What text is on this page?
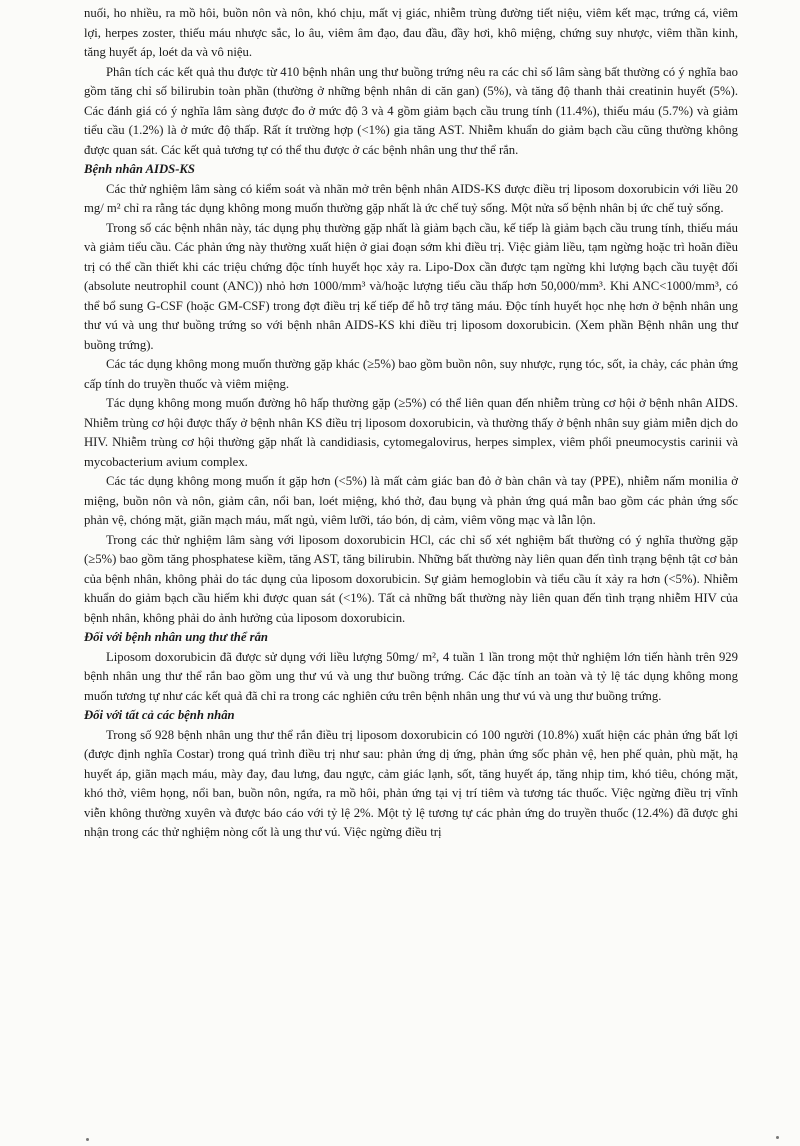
nuối, ho nhiều, ra mồ hôi, buồn nôn và nôn, khó chịu, mất vị giác, nhiễm trùng đường tiết niệu, viêm kết mạc, trứng cá, viêm lợi, herpes zoster, thiếu máu nhược sắc, lo âu, viêm âm đạo, đau đầu, đầy hơi, khô miệng, chứng suy nhược, viêm thần kinh, tăng huyết áp, loét da và vô niệu.

Phân tích các kết quả thu được từ 410 bệnh nhân ung thư buồng trứng nêu ra các chỉ số lâm sàng bất thường có ý nghĩa bao gồm tăng chỉ số bilirubin toàn phần (thường ở những bệnh nhân di căn gan) (5%), và tăng độ thanh thải creatinin huyết (5%). Các đánh giá có ý nghĩa lâm sàng được đo ở mức độ 3 và 4 gồm giảm bạch cầu trung tính (11.4%), thiếu máu (5.7%) và giảm tiểu cầu (1.2%) là ở mức độ thấp. Rất ít trường hợp (<1%) gia tăng AST. Nhiễm khuẩn do giảm bạch cầu cũng thường không được quan sát. Các kết quả tương tự có thể thu được ở các bệnh nhân ung thư thể rắn.

Bệnh nhân AIDS-KS

Các thử nghiệm lâm sàng có kiểm soát và nhãn mở trên bệnh nhân AIDS-KS được điều trị liposom doxorubicin với liều 20 mg/ m² chỉ ra rằng tác dụng không mong muốn thường gặp nhất là ức chế tuỷ sống. Một nửa số bệnh nhân bị ức chế tuỷ sống.

Trong số các bệnh nhân này, tác dụng phụ thường gặp nhất là giảm bạch cầu, kế tiếp là giảm bạch cầu trung tính, thiếu máu và giảm tiểu cầu. Các phản ứng này thường xuất hiện ở giai đoạn sớm khi điều trị. Việc giảm liều, tạm ngừng hoặc trì hoãn điều trị có thể cần thiết khi các triệu chứng độc tính huyết học xảy ra. Lipo-Dox cần được tạm ngừng khi lượng bạch cầu tuyệt đối (absolute neutrophil count (ANC)) nhỏ hơn 1000/mm³ và/hoặc lượng tiểu cầu thấp hơn 50,000/mm³. Khi ANC<1000/mm³, có thể bổ sung G-CSF (hoặc GM-CSF) trong đợt điều trị kế tiếp để hỗ trợ tăng máu. Độc tính huyết học nhẹ hơn ở bệnh nhân ung thư vú và ung thư buồng trứng so với bệnh nhân AIDS-KS khi điều trị liposom doxorubicin. (Xem phần Bệnh nhân ung thư buồng trứng).

Các tác dụng không mong muốn thường gặp khác (≥5%) bao gồm buồn nôn, suy nhược, rụng tóc, sốt, ỉa chảy, các phản ứng cấp tính do truyền thuốc và viêm miệng.

Tác dụng không mong muốn đường hô hấp thường gặp (≥5%) có thể liên quan đến nhiễm trùng cơ hội ở bệnh nhân AIDS. Nhiễm trùng cơ hội được thấy ở bệnh nhân KS điều trị liposom doxorubicin, và thường thấy ở bệnh nhân suy giảm miễn dịch do HIV. Nhiễm trùng cơ hội thường gặp nhất là candidiasis, cytomegalovirus, herpes simplex, viêm phổi pneumocystis carinii và mycobacterium avium complex.

Các tác dụng không mong muốn ít gặp hơn (<5%) là mất cảm giác ban đỏ ở bàn chân và tay (PPE), nhiễm nấm monilia ở miệng, buồn nôn và nôn, giảm cân, nổi ban, loét miệng, khó thở, đau bụng và phản ứng quá mẫn bao gồm các phản ứng sốc phản vệ, chóng mặt, giãn mạch máu, mất ngủ, viêm lưỡi, táo bón, dị cảm, viêm võng mạc và lẫn lộn.

Trong các thử nghiệm lâm sàng với liposom doxorubicin HCl, các chỉ số xét nghiệm bất thường có ý nghĩa thường gặp (≥5%) bao gồm tăng phosphatese kiềm, tăng AST, tăng bilirubin. Những bất thường này liên quan đến tình trạng bệnh tật cơ bản của bệnh nhân, không phải do tác dụng của liposom doxorubicin. Sự giảm hemoglobin và tiểu cầu ít xảy ra hơn (<5%). Nhiễm khuẩn do giảm bạch cầu hiếm khi được quan sát (<1%). Tất cả những bất thường này liên quan đến tình trạng nhiễm HIV của bệnh nhân, không phải do ảnh hưởng của liposom doxorubicin.

Đối với bệnh nhân ung thư thể rắn

Liposom doxorubicin đã được sử dụng với liều lượng 50mg/ m², 4 tuần 1 lần trong một thử nghiệm lớn tiến hành trên 929 bệnh nhân ung thư thể rắn bao gồm ung thư vú và ung thư buồng trứng. Các đặc tính an toàn và tỷ lệ tác dụng không mong muốn tương tự như các kết quả đã chỉ ra trong các nghiên cứu trên bệnh nhân ung thư vú và ung thư buồng trứng.

Đối với tất cả các bệnh nhân

Trong số 928 bệnh nhân ung thư thể rắn điều trị liposom doxorubicin có 100 người (10.8%) xuất hiện các phản ứng bất lợi (được định nghĩa Costar) trong quá trình điều trị như sau: phản ứng dị ứng, phản ứng sốc phản vệ, hen phế quản, phù mặt, hạ huyết áp, giãn mạch máu, mày đay, đau lưng, đau ngực, cảm giác lạnh, sốt, tăng huyết áp, tăng nhịp tim, khó tiêu, chóng mặt, khó thở, viêm họng, nổi ban, buồn nôn, ngứa, ra mồ hôi, phản ứng tại vị trí tiêm và tương tác thuốc. Việc ngừng điều trị vĩnh viễn không thường xuyên và được báo cáo với tỷ lệ 2%. Một tỷ lệ tương tự các phản ứng do truyền thuốc (12.4%) đã được ghi nhận trong các thử nghiệm nòng cốt là ung thư vú. Việc ngừng điều trị
